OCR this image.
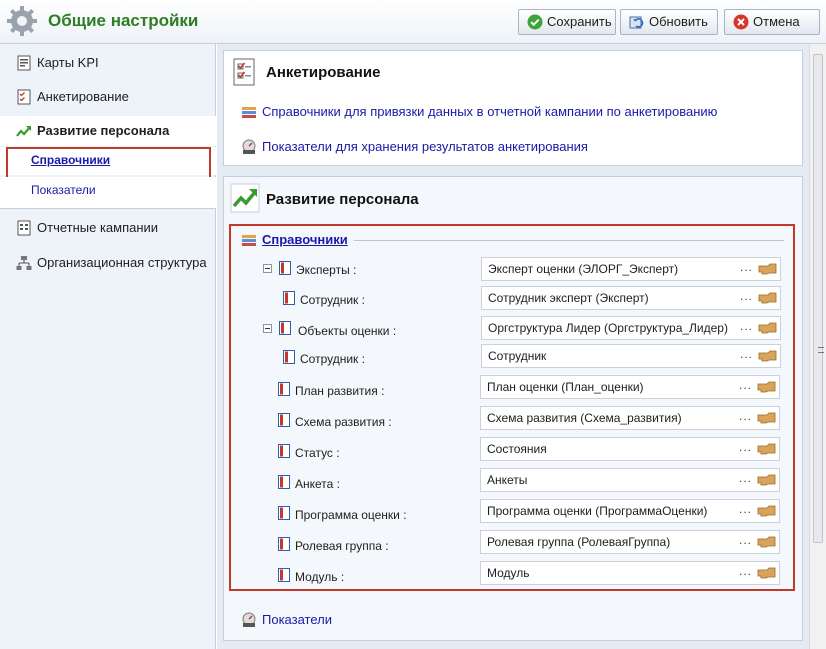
Общие настройки	Сохранить	Обновить	Отмена
Карты KPI
Анкетирование
Развитие персонала
Справочники
Показатели
Отчетные кампании
Организационная структура
Анкетирование
Справочники для привязки данных в отчетной кампании по анкетированию
Показатели для хранения результатов анкетирования
Развитие персонала
Справочники
Эксперты :	Эксперт оценки (ЭЛОРГ_Эксперт)	...
Сотрудник :	Сотрудник эксперт (Эксперт)	...
Объекты оценки :	Оргструктура Лидер (Оргструктура_Лидер) ...
Сотрудник :	Сотрудник	...
План развития :	План оценки (План_оценки)	...
Схема развития :	Схема развития (Схема_развития)	...
Статус :	Состояния	...
Анкета :	Анкеты	...
Программа оценки :	Программа оценки (ПрограммаОценки)	...
Ролевая группа :	Ролевая группа (РолеваяГруппа)	...
Модуль :	Модуль	...
Показатели
